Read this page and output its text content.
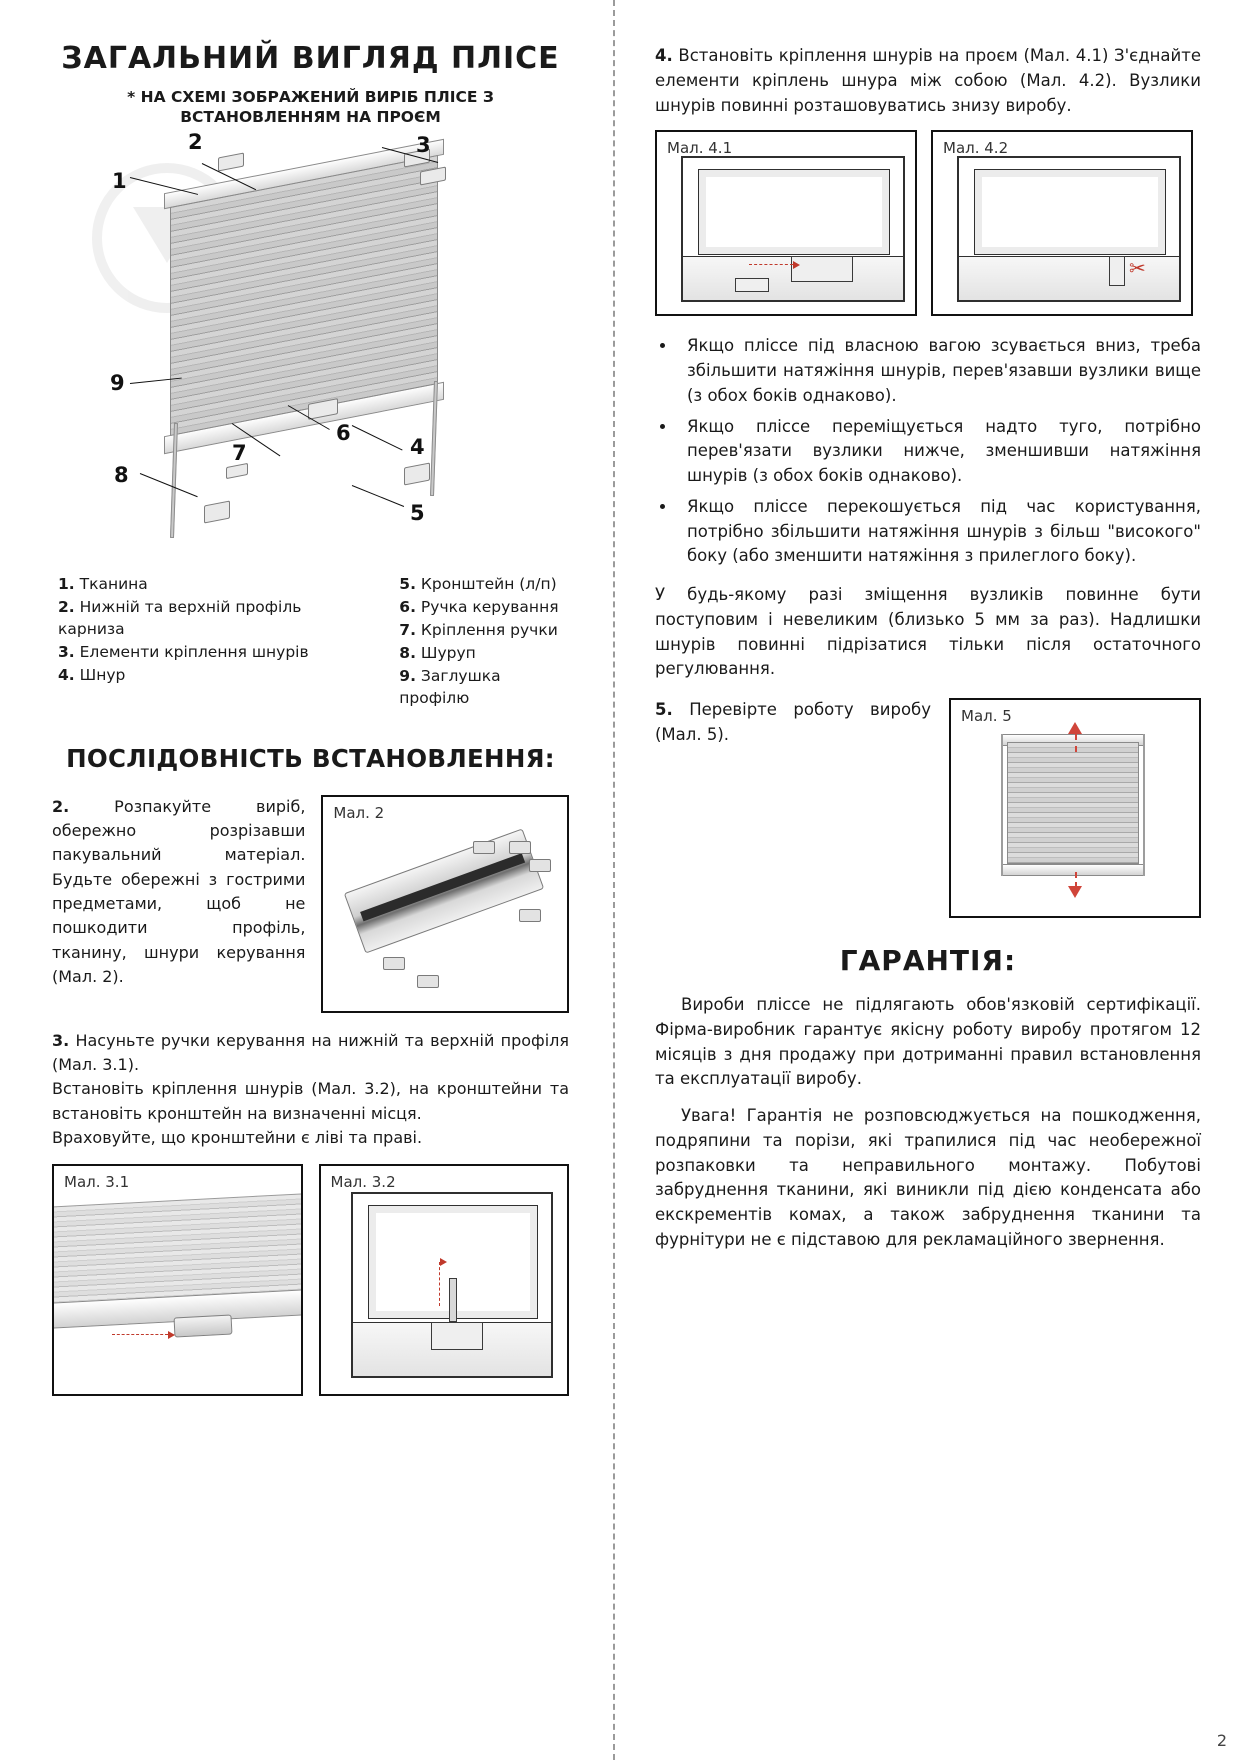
ЗАГАЛЬНИЙ ВИГЛЯД ПЛІСЕ
* НА СХЕМІ ЗОБРАЖЕНИЙ ВИРІБ ПЛІСЕ З ВСТАНОВЛЕННЯМ НА ПРОЄМ
1
2	3
4
5
6
7
8
9
1. Тканина
2. Нижній та верхній профіль карниза
3. Елементи кріплення шнурів
4. Шнур
5. Кронштейн (л/п)
6. Ручка керування
7. Кріплення ручки
8. Шуруп
9. Заглушка профілю
ПОСЛІДОВНІСТЬ ВСТАНОВЛЕННЯ:
2.	Розпакуйте виріб, обережно розрізавши пакувальний матеріал. Будьте обережні з гострими предметами, щоб не пошкодити профіль, тканину, шнури керування (Мал. 2).
Мал. 2
3. Насуньте ручки керування на нижній та верхній профіля (Мал. 3.1).
Встановіть кріплення шнурів (Мал. 3.2), на кронштейни та встановіть кронштейн на визначенні місця.
Враховуйте, що кронштейни є ліві та праві.
Мал. 3.1	Мал. 3.2
4. Встановіть кріплення шнурів на проєм (Мал. 4.1) З'єднайте елементи кріплень шнура між собою (Мал. 4.2). Вузлики шнурів повинні розташовуватись знизу виробу.
Мал. 4.1	Мал. 4.2
✂
• Якщо пліссе під власною вагою зсувається вниз, треба збільшити натяжіння шнурів, перев'язавши вузлики вище (з обох боків однаково).
• Якщо пліссе переміщується надто туго, потрібно перев'язати вузлики нижче, зменшивши натяжіння шнурів (з обох боків однаково).
• Якщо пліссе перекошується під час користування, потрібно збільшити натяжіння шнурів з більш "високого" боку (або зменшити натяжіння з прилеглого боку).
У будь-якому разі зміщення вузликів повинне бути поступовим і невеликим (близько 5 мм за раз). Надлишки шнурів повинні підрізатися тільки після остаточного регулювання.
5. Перевірте роботу виробу (Мал. 5).
Мал. 5
ГАРАНТІЯ:
Вироби пліссе не підлягають обов'язковій сертифікації. Фірма-виробник гарантує якісну роботу виробу протягом 12 місяців з дня продажу при дотриманні правил встановлення та експлуатації виробу.
Увага! Гарантія не розповсюджується на пошкодження, подряпини та порізи, які трапилися під час необережної розпаковки та неправильного монтажу. Побутові забруднення тканини, які виникли під дією конденсата або екскрементів комах, а також забруднення тканини та фурнітури не є підставою для рекламаційного звернення.
2
